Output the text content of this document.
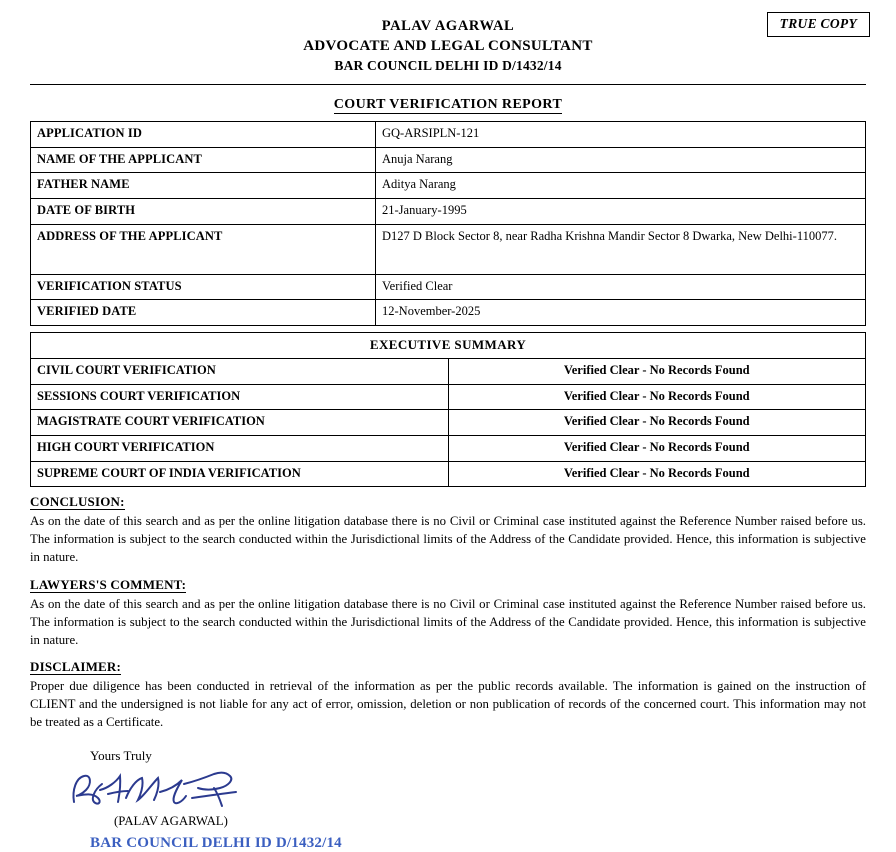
TRUE COPY
PALAV AGARWAL
ADVOCATE AND LEGAL CONSULTANT
BAR COUNCIL DELHI ID D/1432/14
COURT VERIFICATION REPORT
APPLICATION ID	GQ-ARSIPLN-121
NAME OF THE APPLICANT	Anuja Narang
FATHER NAME	Aditya Narang
DATE OF BIRTH	21-January-1995
ADDRESS OF THE APPLICANT	D127 D Block Sector 8, near Radha Krishna Mandir Sector 8 Dwarka, New Delhi-110077.
VERIFICATION STATUS	Verified Clear
VERIFIED DATE	12-November-2025
EXECUTIVE SUMMARY	
CIVIL COURT VERIFICATION	Verified Clear - No Records Found
SESSIONS COURT VERIFICATION	Verified Clear - No Records Found
MAGISTRATE COURT VERIFICATION	Verified Clear - No Records Found
HIGH COURT VERIFICATION	Verified Clear - No Records Found
SUPREME COURT OF INDIA VERIFICATION	Verified Clear - No Records Found
CONCLUSION:

As on the date of this search and as per the online litigation database there is no Civil or Criminal case instituted against the Reference Number raised before us. The information is subject to the search conducted within the Jurisdictional limits of the Address of the Candidate provided. Hence, this information is subjective in nature.

LAWYERS'S COMMENT:

As on the date of this search and as per the online litigation database there is no Civil or Criminal case instituted against the Reference Number raised before us. The information is subject to the search conducted within the Jurisdictional limits of the Address of the Candidate provided. Hence, this information is subjective in nature.

DISCLAIMER:

Proper due diligence has been conducted in retrieval of the information as per the public records available. The information is gained on the instruction of CLIENT and the undersigned is not liable for any act of error, omission, deletion or non publication of records of the concerned court. This information may not be treated as a Certificate.

Yours Truly
(PALAV AGARWAL)
BAR COUNCIL DELHI ID D/1432/14
